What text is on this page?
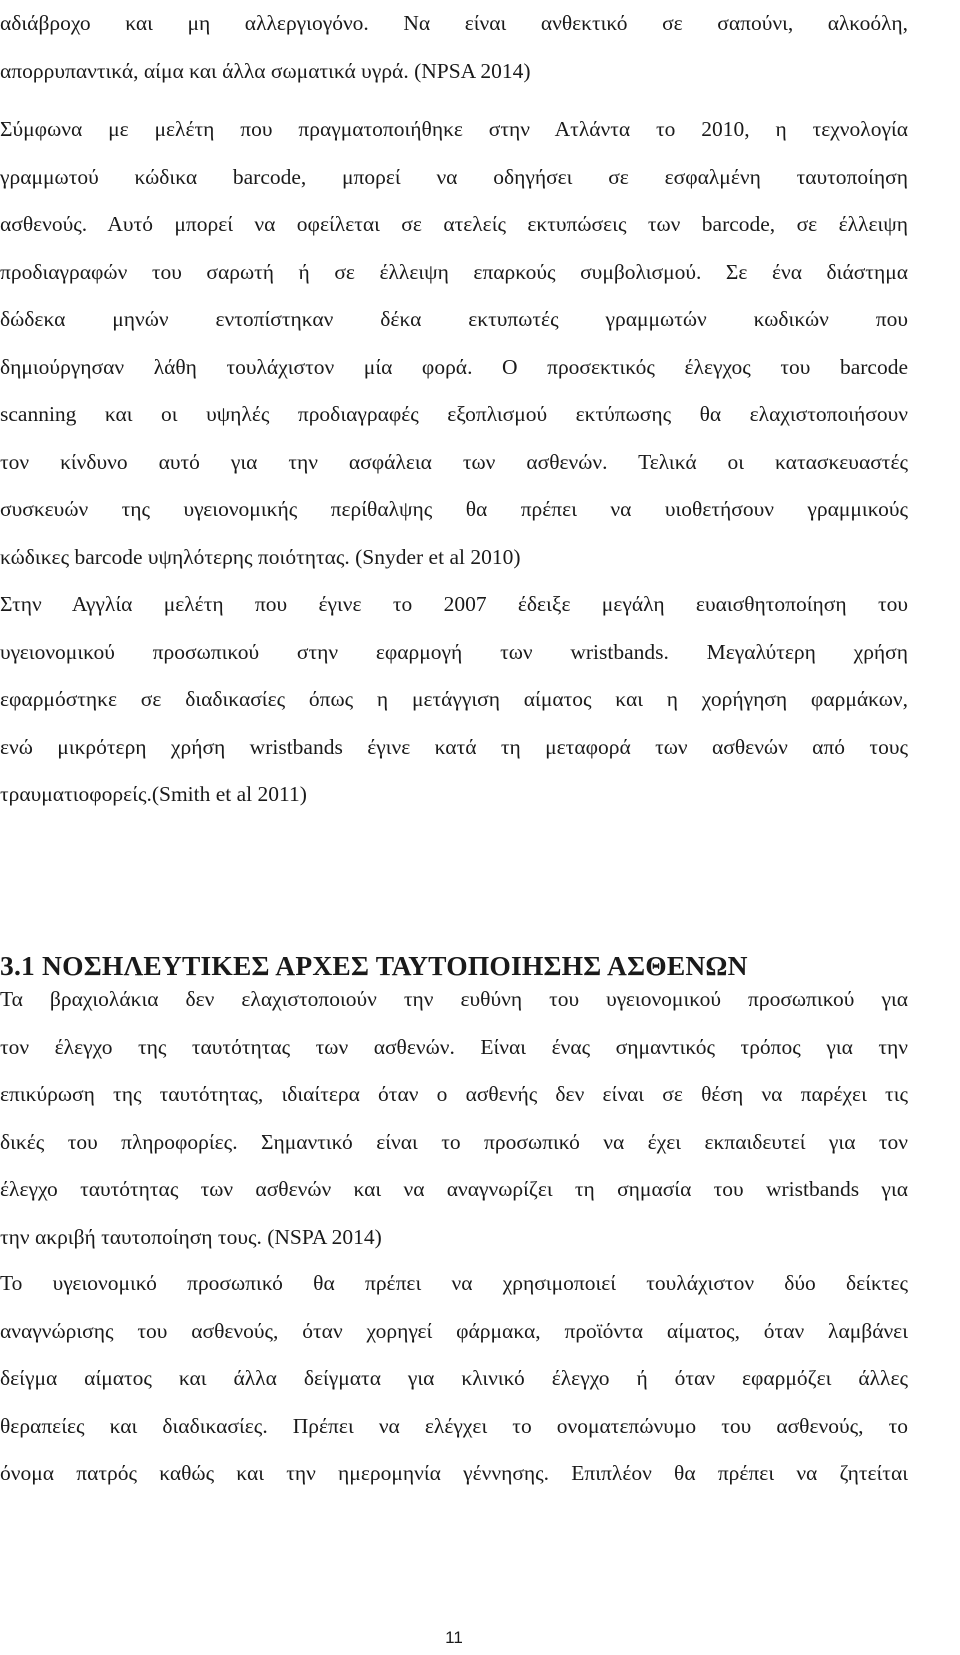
αδιάβροχο και μη αλλεργιογόνο. Να είναι ανθεκτικό σε σαπούνι, αλκοόλη,
απορρυπαντικά, αίμα και άλλα σωματικά υγρά. (NPSA 2014)
Σύμφωνα με μελέτη που πραγματοποιήθηκε στην Ατλάντα το 2010, η τεχνολογία
γραμμωτού κώδικα barcode, μπορεί να οδηγήσει σε εσφαλμένη ταυτοποίηση
ασθενούς. Αυτό μπορεί να οφείλεται σε ατελείς εκτυπώσεις των barcode, σε έλλειψη
προδιαγραφών του σαρωτή ή σε έλλειψη επαρκούς συμβολισμού. Σε ένα διάστημα
δώδεκα μηνών εντοπίστηκαν δέκα εκτυπωτές γραμμωτών κωδικών που
δημιούργησαν λάθη τουλάχιστον μία φορά. Ο προσεκτικός έλεγχος του barcode
scanning και οι υψηλές προδιαγραφές εξοπλισμού εκτύπωσης θα ελαχιστοποιήσουν
τον κίνδυνο αυτό για την ασφάλεια των ασθενών. Τελικά οι κατασκευαστές
συσκευών της υγειονομικής περίθαλψης θα πρέπει να υιοθετήσουν γραμμικούς
κώδικες barcode υψηλότερης ποιότητας. (Snyder et al 2010)
Στην Αγγλία μελέτη που έγινε το 2007 έδειξε μεγάλη ευαισθητοποίηση του
υγειονομικού προσωπικού στην εφαρμογή των wristbands. Μεγαλύτερη χρήση
εφαρμόστηκε σε διαδικασίες όπως η μετάγγιση αίματος και η χορήγηση φαρμάκων,
ενώ μικρότερη χρήση wristbands έγινε κατά τη μεταφορά των ασθενών από τους
τραυματιοφορείς.(Smith et al 2011)
3.1 ΝΟΣΗΛΕΥΤΙΚΕΣ ΑΡΧΕΣ ΤΑΥΤΟΠΟΙΗΣΗΣ ΑΣΘΕΝΩΝ
Τα βραχιολάκια δεν ελαχιστοποιούν την ευθύνη του υγειονομικού προσωπικού για
τον έλεγχο της ταυτότητας των ασθενών. Είναι ένας σημαντικός τρόπος για την
επικύρωση της ταυτότητας, ιδιαίτερα όταν ο ασθενής δεν είναι σε θέση να παρέχει τις
δικές του πληροφορίες. Σημαντικό είναι το προσωπικό να έχει εκπαιδευτεί για τον
έλεγχο ταυτότητας των ασθενών και να αναγνωρίζει τη σημασία του wristbands για
την ακριβή ταυτοποίηση τους. (NSPA 2014)
Το υγειονομικό προσωπικό θα πρέπει να χρησιμοποιεί τουλάχιστον δύο δείκτες
αναγνώρισης του ασθενούς, όταν χορηγεί φάρμακα, προϊόντα αίματος, όταν λαμβάνει
δείγμα αίματος και άλλα δείγματα για κλινικό έλεγχο ή όταν εφαρμόζει άλλες
θεραπείες και διαδικασίες. Πρέπει να ελέγχει το ονοματεπώνυμο του ασθενούς, το
όνομα πατρός καθώς και την ημερομηνία γέννησης. Επιπλέον θα πρέπει να ζητείται
11
